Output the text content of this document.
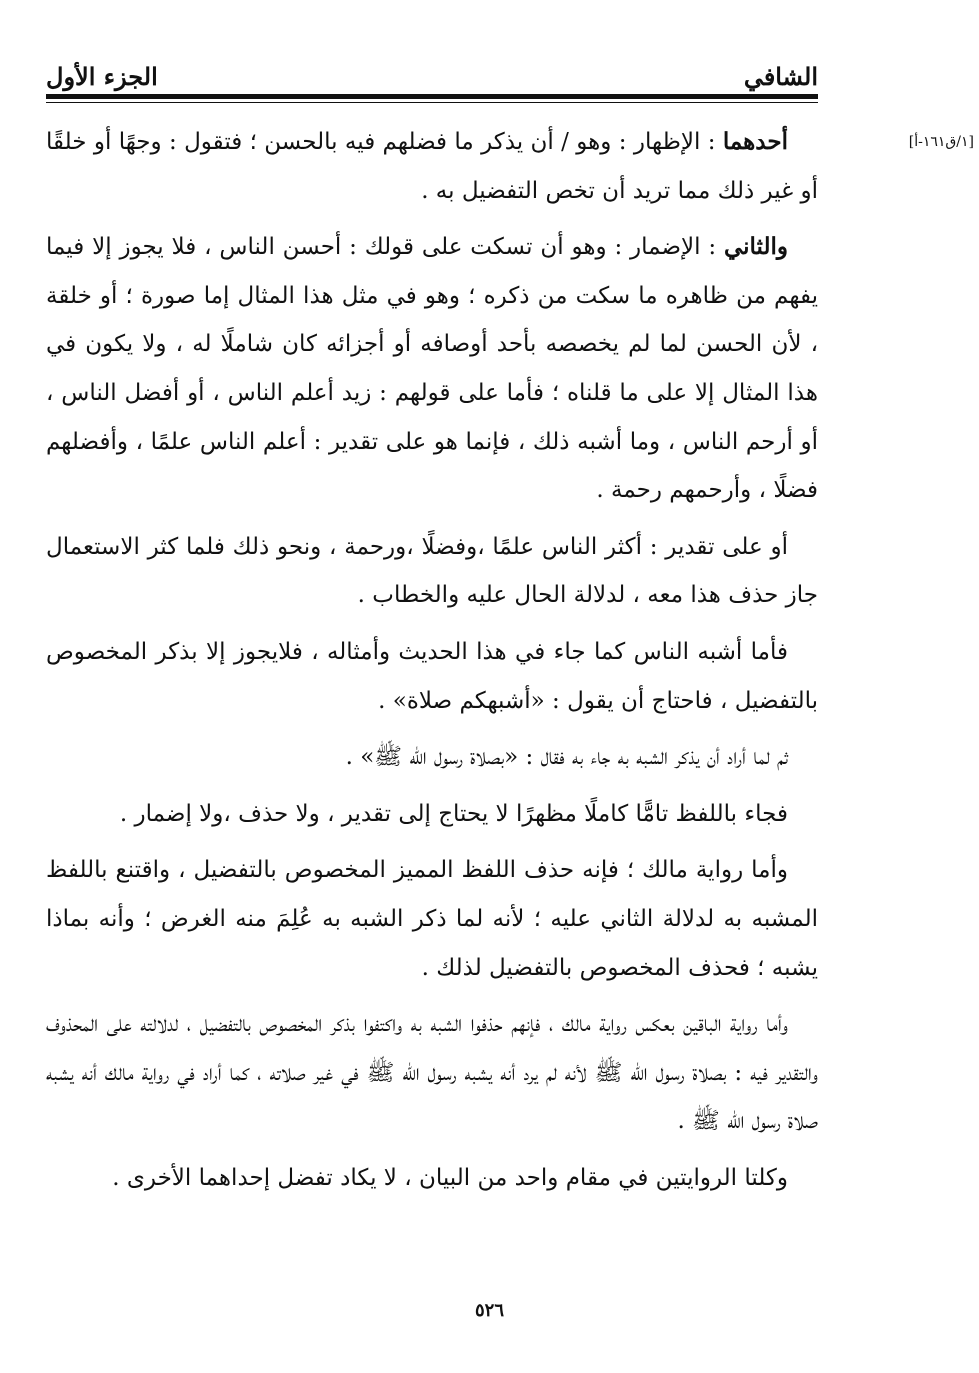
الشافي
الجزء الأول
[١/ق١٦١-أ]

أحدهما : الإظهار : وهو / أن يذكر ما فضلهم فيه بالحسن ؛ فتقول : وجهًا أو خلقًا أو غير ذلك مما تريد أن تخص التفضيل به .

والثاني : الإضمار : وهو أن تسكت على قولك : أحسن الناس ، فلا يجوز إلا فيما يفهم من ظاهره ما سكت من ذكره ؛ وهو في مثل هذا المثال إما صورة ؛ أو خلقة ، لأن الحسن لما لم يخصصه بأحد أوصافه أو أجزائه كان شاملًا له ، ولا يكون في هذا المثال إلا على ما قلناه ؛ فأما على قولهم : زيد أعلم الناس ، أو أفضل الناس ، أو أرحم الناس ، وما أشبه ذلك ، فإنما هو على تقدير : أعلم الناس علمًا ، وأفضلهم فضلًا ، وأرحمهم رحمة .

أو على تقدير : أكثر الناس علمًا ،وفضلًا ،ورحمة ، ونحو ذلك فلما كثر الاستعمال جاز حذف هذا معه ، لدلالة الحال عليه والخطاب .

فأما أشبه الناس كما جاء في هذا الحديث وأمثاله ، فلايجوز إلا بذكر المخصوص بالتفضيل ، فاحتاج أن يقول : «أشبهكم صلاة» .

ثم لما أراد أن يذكر الشبه به جاء به فقال : «بصلاة رسول الله ﷺ» .

فجاء باللفظ تامًّا كاملًا مظهرًا لا يحتاج إلى تقدير ، ولا حذف ،ولا إضمار .

وأما رواية مالك ؛ فإنه حذف اللفظ المميز المخصوص بالتفضيل ، واقتنع باللفظ المشبه به لدلالة الثاني عليه ؛ لأنه لما ذكر الشبه به عُلِمَ منه الغرض ؛ وأنه بماذا يشبه ؛ فحذف المخصوص بالتفضيل لذلك .

وأما رواية الباقين بعكس رواية مالك ، فإنهم حذفوا الشبه به واكتفوا بذكر المخصوص بالتفضيل ، لدلالته على المحذوف والتقدير فيه : بصلاة رسول الله ﷺ لأنه لم يرد أنه يشبه رسول الله ﷺ في غير صلاته ، كما أراد في رواية مالك أنه يشبه صلاة رسول الله ﷺ .

وكلتا الروايتين في مقام واحد من البيان ، لا يكاد تفضل إحداهما الأخرى .

٥٢٦
